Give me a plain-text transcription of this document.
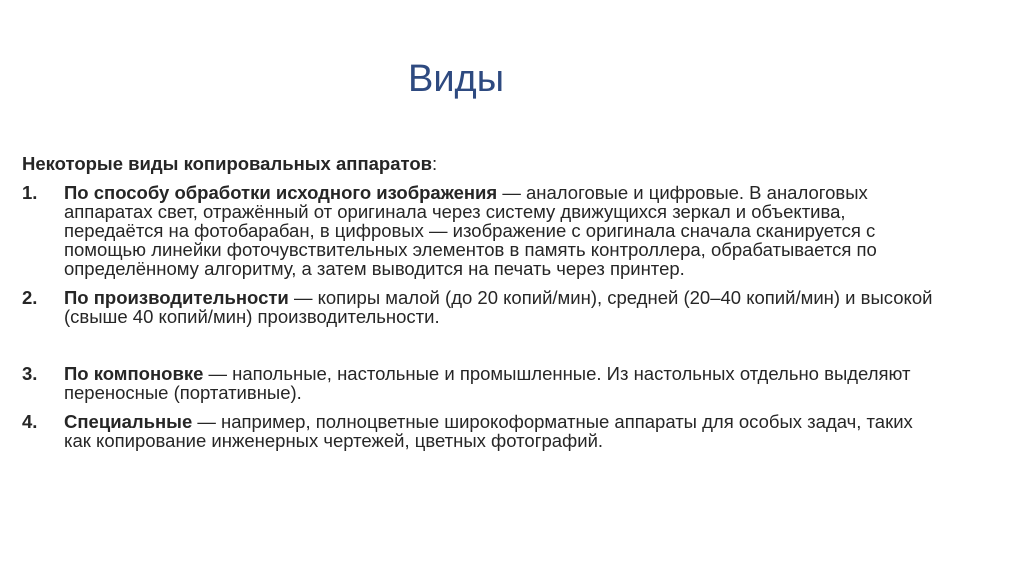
Виды

Некоторые виды копировальных аппаратов:

1. По способу обработки исходного изображения — аналоговые и цифровые. В аналоговых аппаратах свет, отражённый от оригинала через систему движущихся зеркал и объектива, передаётся на фотобарабан, в цифровых — изображение с оригинала сначала сканируется с помощью линейки фоточувствительных элементов в память контроллера, обрабатывается по определённому алгоритму, а затем выводится на печать через принтер.
2. По производительности — копиры малой (до 20 копий/мин), средней (20–40 копий/мин) и высокой (свыше 40 копий/мин) производительности.
3. По компоновке — напольные, настольные и промышленные. Из настольных отдельно выделяют переносные (портативные).
4. Специальные — например, полноцветные широкоформатные аппараты для особых задач, таких как копирование инженерных чертежей, цветных фотографий.
